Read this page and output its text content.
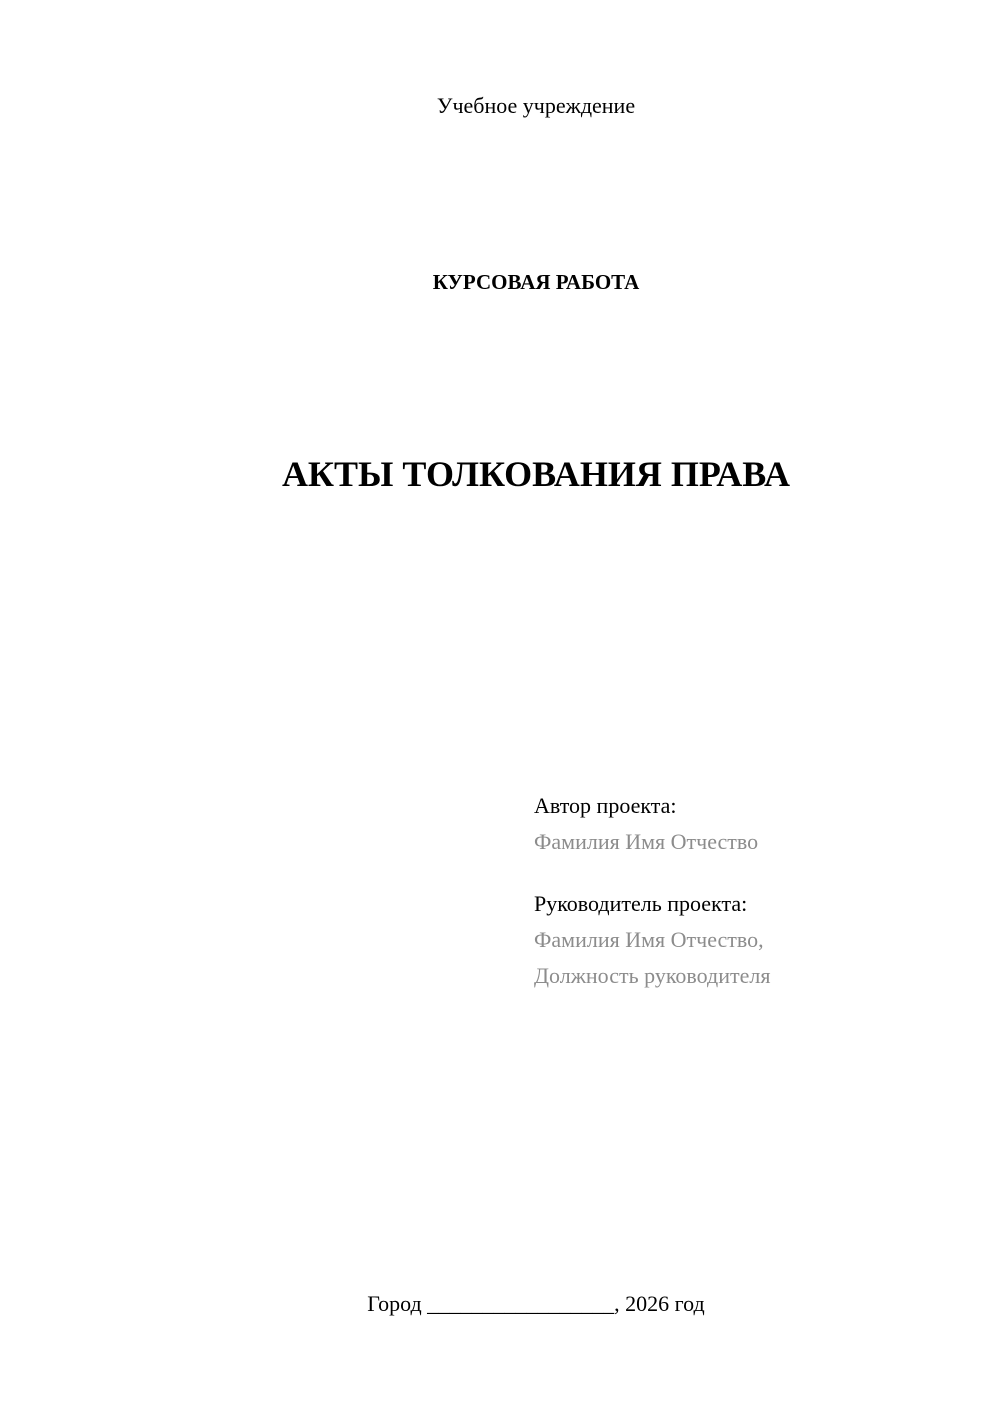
Учебное учреждение
КУРСОВАЯ РАБОТА
АКТЫ ТОЛКОВАНИЯ ПРАВА
Автор проекта:
Фамилия Имя Отчество
Руководитель проекта:
Фамилия Имя Отчество,
Должность руководителя
Город _________________, 2026 год
